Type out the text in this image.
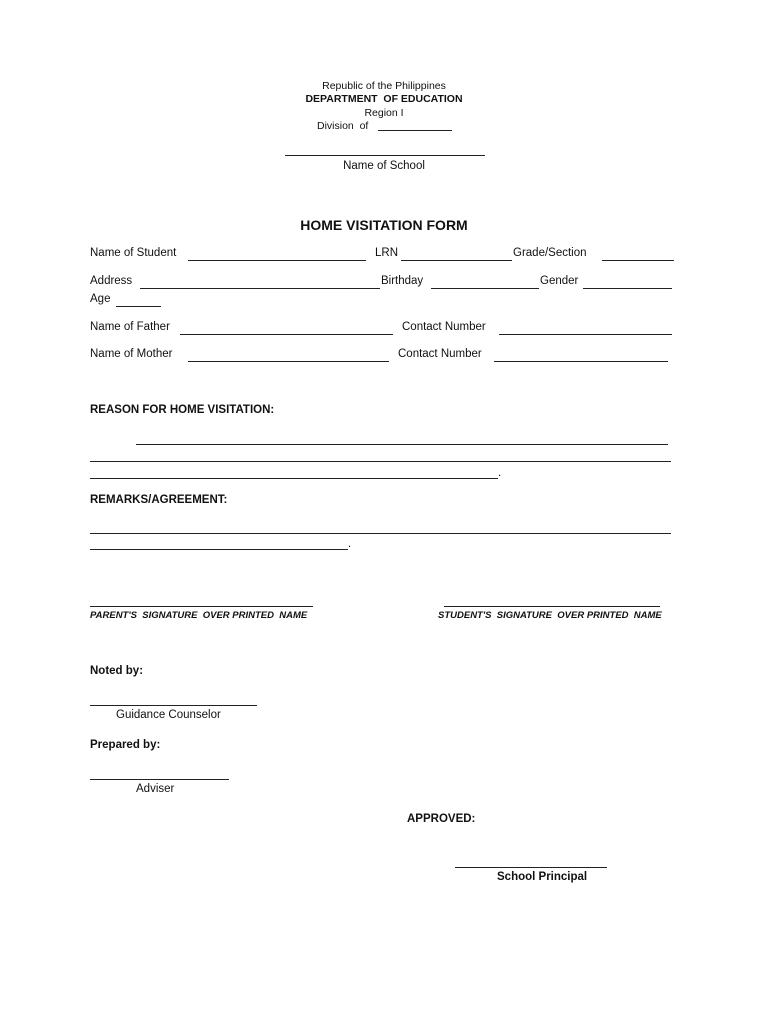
Republic of the Philippines
DEPARTMENT  OF EDUCATION
Region I
Division  of
Name of School
HOME VISITATION FORM
Name of Student	LRN	Grade/Section
Address	Birthday	Gender
Age
Name of Father	Contact Number
Name of Mother	Contact Number
REASON FOR HOME VISITATION:
.
REMARKS/AGREEMENT:
.
PARENT'S  SIGNATURE  OVER PRINTED  NAME	STUDENT'S  SIGNATURE  OVER PRINTED  NAME
Noted by:
Guidance Counselor
Prepared by:
Adviser
APPROVED:
School Principal
